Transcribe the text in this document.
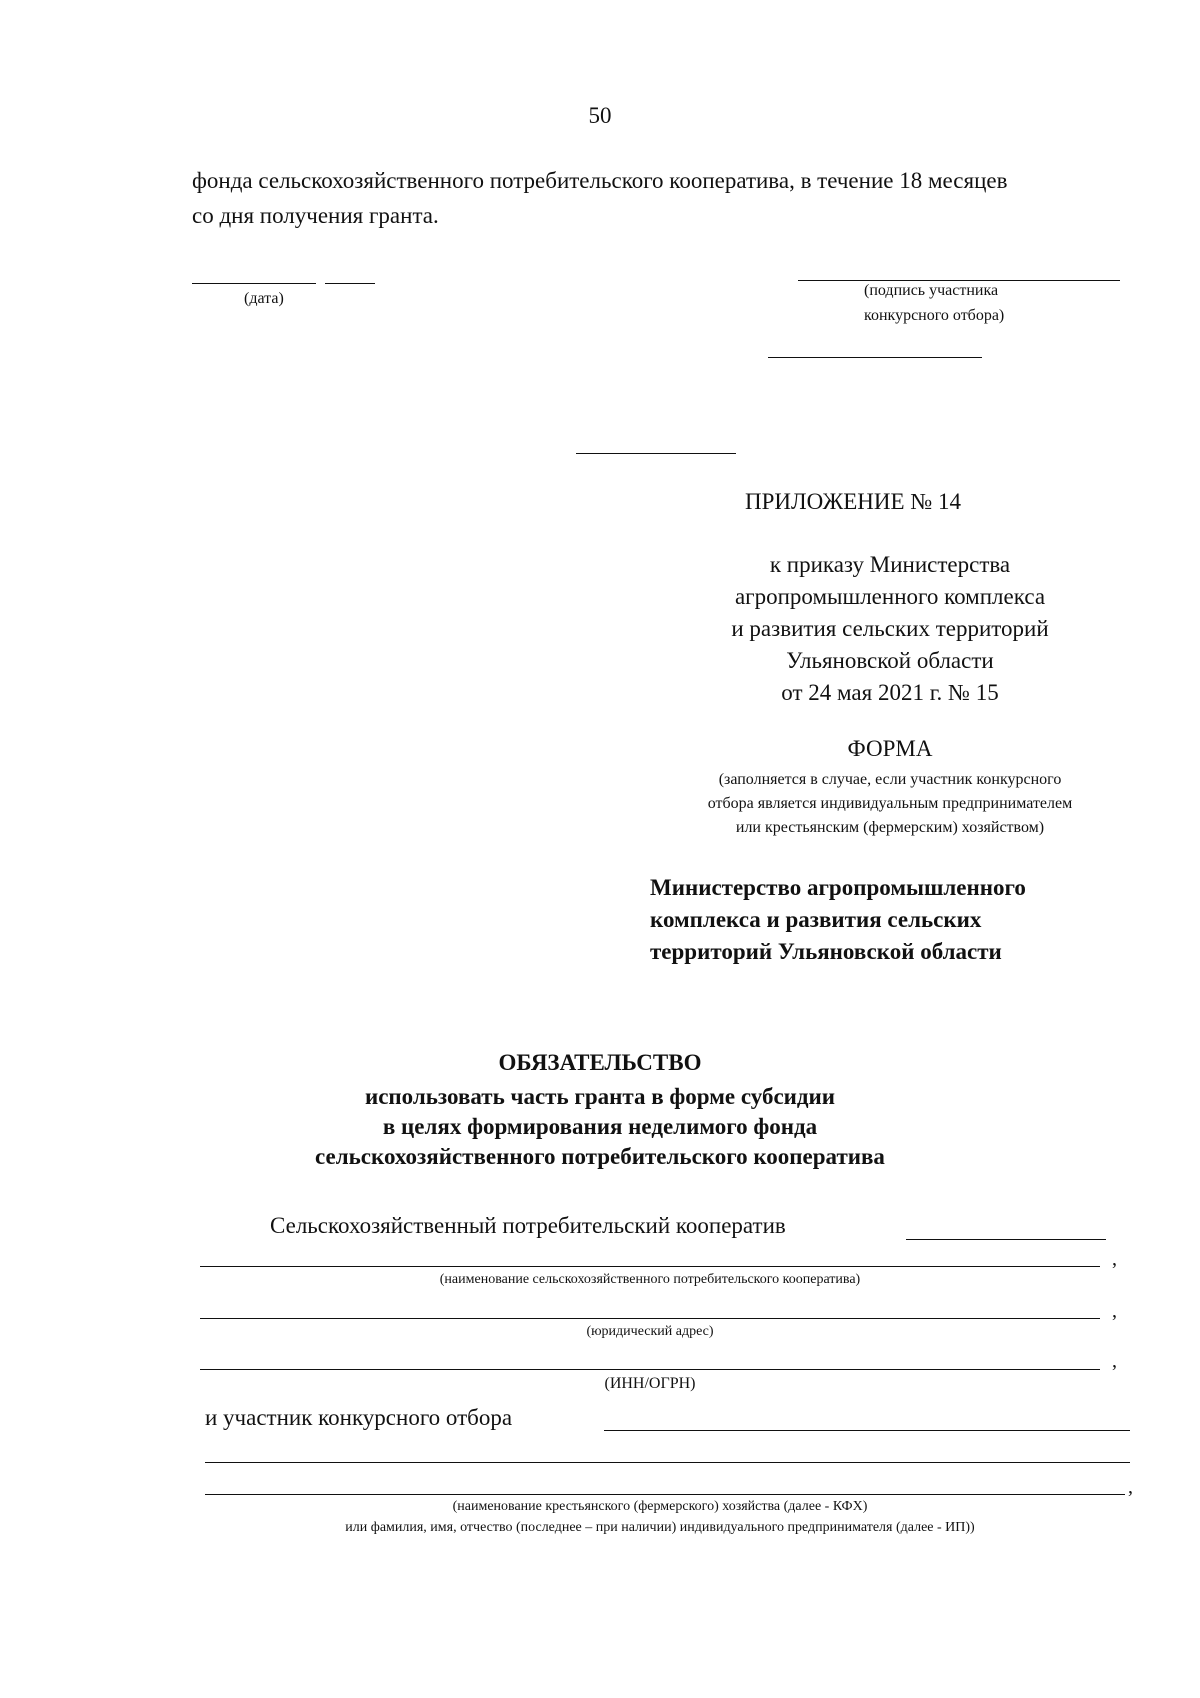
50
фонда сельскохозяйственного потребительского кооператива, в течение 18 месяцев
со дня получения гранта.
(дата)	(подпись участника
конкурсного отбора)
ПРИЛОЖЕНИЕ № 14
к приказу Министерства
агропромышленного комплекса
и развития сельских территорий
Ульяновской области
от 24 мая 2021 г. № 15
ФОРМА
(заполняется в случае, если участник конкурсного
отбора является индивидуальным предпринимателем
или крестьянским (фермерским) хозяйством)
Министерство агропромышленного
комплекса и развития сельских
территорий Ульяновской области
ОБЯЗАТЕЛЬСТВО
использовать часть гранта в форме субсидии
в целях формирования неделимого фонда
сельскохозяйственного потребительского кооператива
Сельскохозяйственный потребительский кооператив
,
(наименование сельскохозяйственного потребительского кооператива)
,
(юридический адрес)
,
(ИНН/ОГРН)
и участник конкурсного отбора
,
(наименование крестьянского (фермерского) хозяйства (далее - КФХ)
или фамилия, имя, отчество (последнее – при наличии) индивидуального предпринимателя (далее - ИП))
